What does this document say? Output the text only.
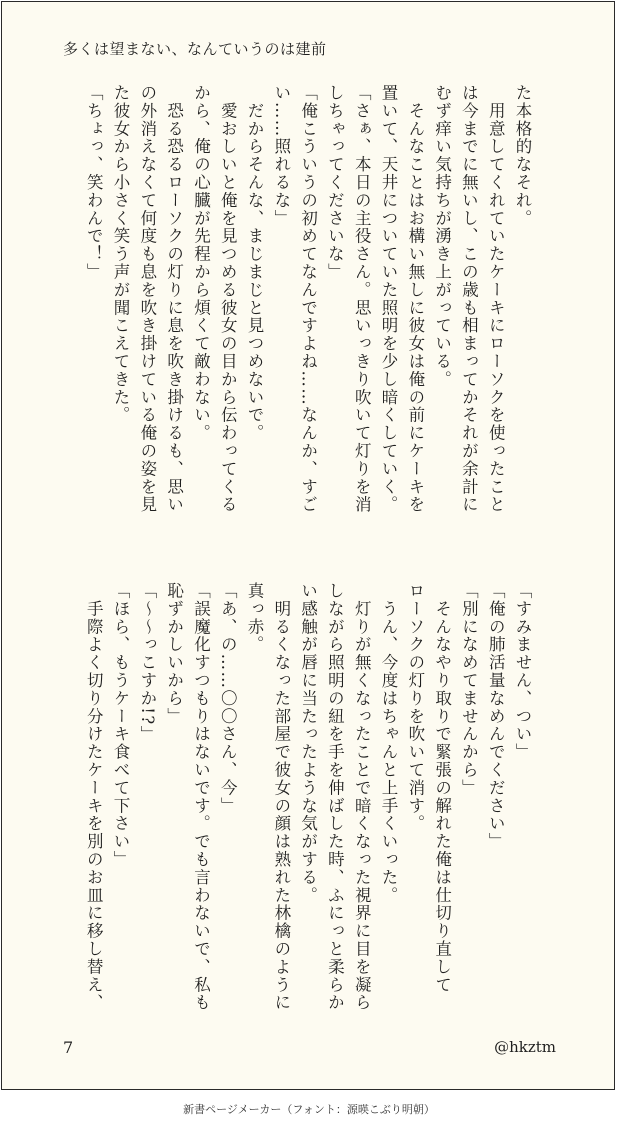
多くは望まない、なんていうのは建前
た本格的なそれ。
　用意してくれていたケーキにローソクを使ったこと
は今までに無いし、この歳も相まってかそれが余計に
むず痒い気持ちが湧き上がっている。
　そんなことはお構い無しに彼女は俺の前にケーキを
置いて、天井についていた照明を少し暗くしていく。
「さぁ、本日の主役さん。思いっきり吹いて灯りを消
しちゃってくださいな」
「俺こういうの初めてなんですよね……なんか、すご
い……照れるな」
　だからそんな、まじまじと見つめないで。
　愛おしいと俺を見つめる彼女の目から伝わってくる
から、俺の心臓が先程から煩くて敵わない。
　恐る恐るローソクの灯りに息を吹き掛けるも、思い
の外消えなくて何度も息を吹き掛けている俺の姿を見
た彼女から小さく笑う声が聞こえてきた。
「ちょっ、笑わんで！」
「すみません、つい」
「俺の肺活量なめんでください」
「別になめてませんから」
　そんなやり取りで緊張の解れた俺は仕切り直して
ローソクの灯りを吹いて消す。
　うん、今度はちゃんと上手くいった。
　灯りが無くなったことで暗くなった視界に目を凝ら
しながら照明の紐を手を伸ばした時、ふにっと柔らか
い感触が唇に当たったような気がする。
　明るくなった部屋で彼女の顔は熟れた林檎のように
真っ赤。
「あ、の……〇〇さん、今」
「誤魔化すつもりはないです。でも言わないで、私も
恥ずかしいから」
「〜〜っこすか!?」
「ほら、もうケーキ食べて下さい」
　手際よく切り分けたケーキを別のお皿に移し替え、
7	@hkztm
新書ページメーカー（フォント：源暎こぶり明朝）
